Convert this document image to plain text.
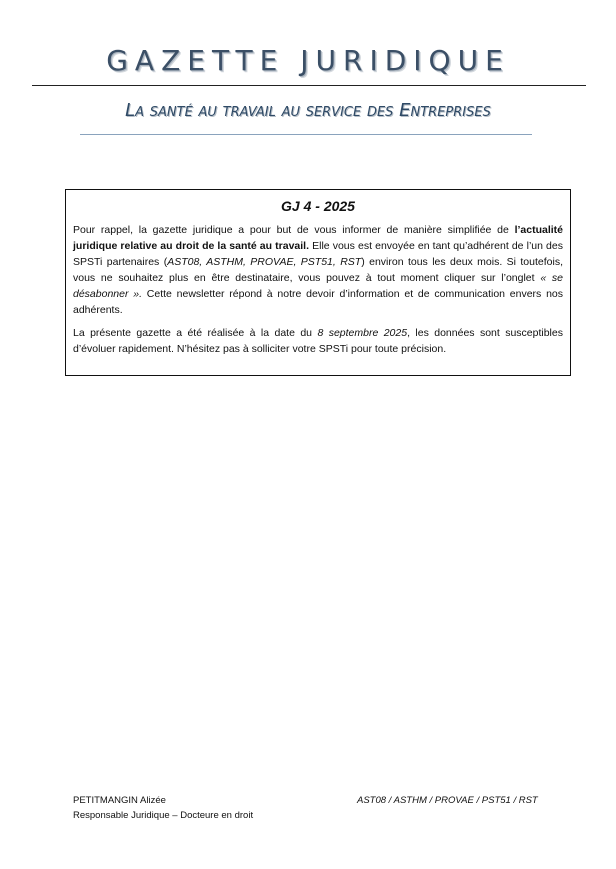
GAZETTE JURIDIQUE
La santé au travail au service des Entreprises
GJ 4 - 2025

Pour rappel, la gazette juridique a pour but de vous informer de manière simplifiée de l’actualité juridique relative au droit de la santé au travail. Elle vous est envoyée en tant qu’adhérent de l’un des SPSTi partenaires (AST08, ASTHM, PROVAE, PST51, RST) environ tous les deux mois. Si toutefois, vous ne souhaitez plus en être destinataire, vous pouvez à tout moment cliquer sur l’onglet « se désabonner ». Cette newsletter répond à notre devoir d’information et de communication envers nos adhérents.

La présente gazette a été réalisée à la date du 8 septembre 2025, les données sont susceptibles d’évoluer rapidement. N’hésitez pas à solliciter votre SPSTi pour toute précision.

PETITMANGIN Alizée
Responsable Juridique – Docteure en droit
AST08 / ASTHM / PROVAE / PST51 / RST
